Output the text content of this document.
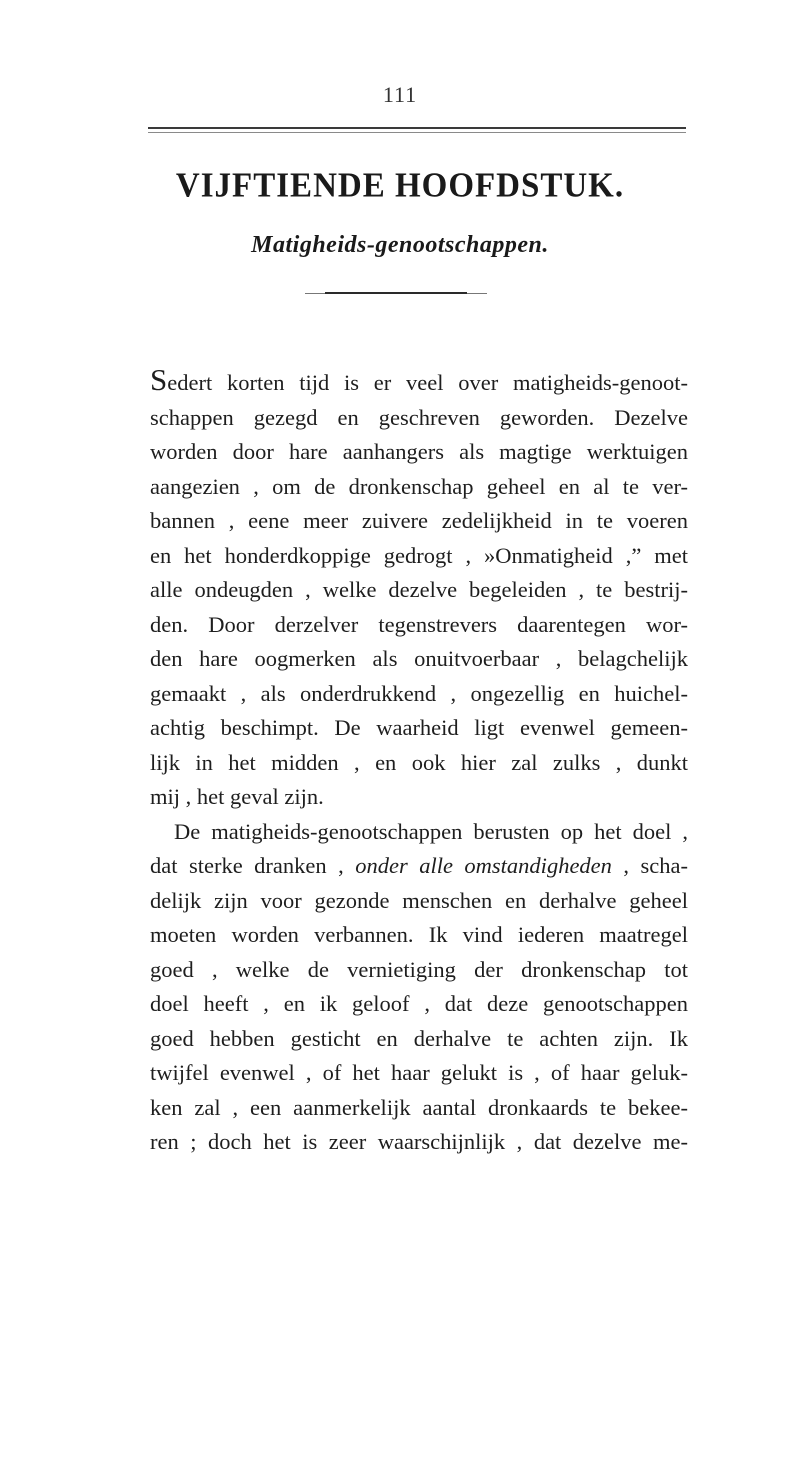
111
VIJFTIENDE HOOFDSTUK.
Matigheids-genootschappen.
Sedert korten tijd is er veel over matigheids-genoot-
schappen gezegd en geschreven geworden. Dezelve
worden door hare aanhangers als magtige werktuigen
aangezien , om de dronkenschap geheel en al te ver-
bannen , eene meer zuivere zedelijkheid in te voeren
en het honderdkoppige gedrogt , »Onmatigheid ,” met
alle ondeugden , welke dezelve begeleiden , te bestrij-
den. Door derzelver tegenstrevers daarentegen wor-
den hare oogmerken als onuitvoerbaar , belagchelijk
gemaakt , als onderdrukkend , ongezellig en huichel-
achtig beschimpt. De waarheid ligt evenwel gemeen-
lijk in het midden , en ook hier zal zulks , dunkt
mij , het geval zijn.
De matigheids-genootschappen berusten op het doel ,
dat sterke dranken , onder alle omstandigheden , scha-
delijk zijn voor gezonde menschen en derhalve geheel
moeten worden verbannen. Ik vind iederen maatregel
goed , welke de vernietiging der dronkenschap tot
doel heeft , en ik geloof , dat deze genootschappen
goed hebben gesticht en derhalve te achten zijn. Ik
twijfel evenwel , of het haar gelukt is , of haar geluk-
ken zal , een aanmerkelijk aantal dronkaards te bekee-
ren ; doch het is zeer waarschijnlijk , dat dezelve me-
